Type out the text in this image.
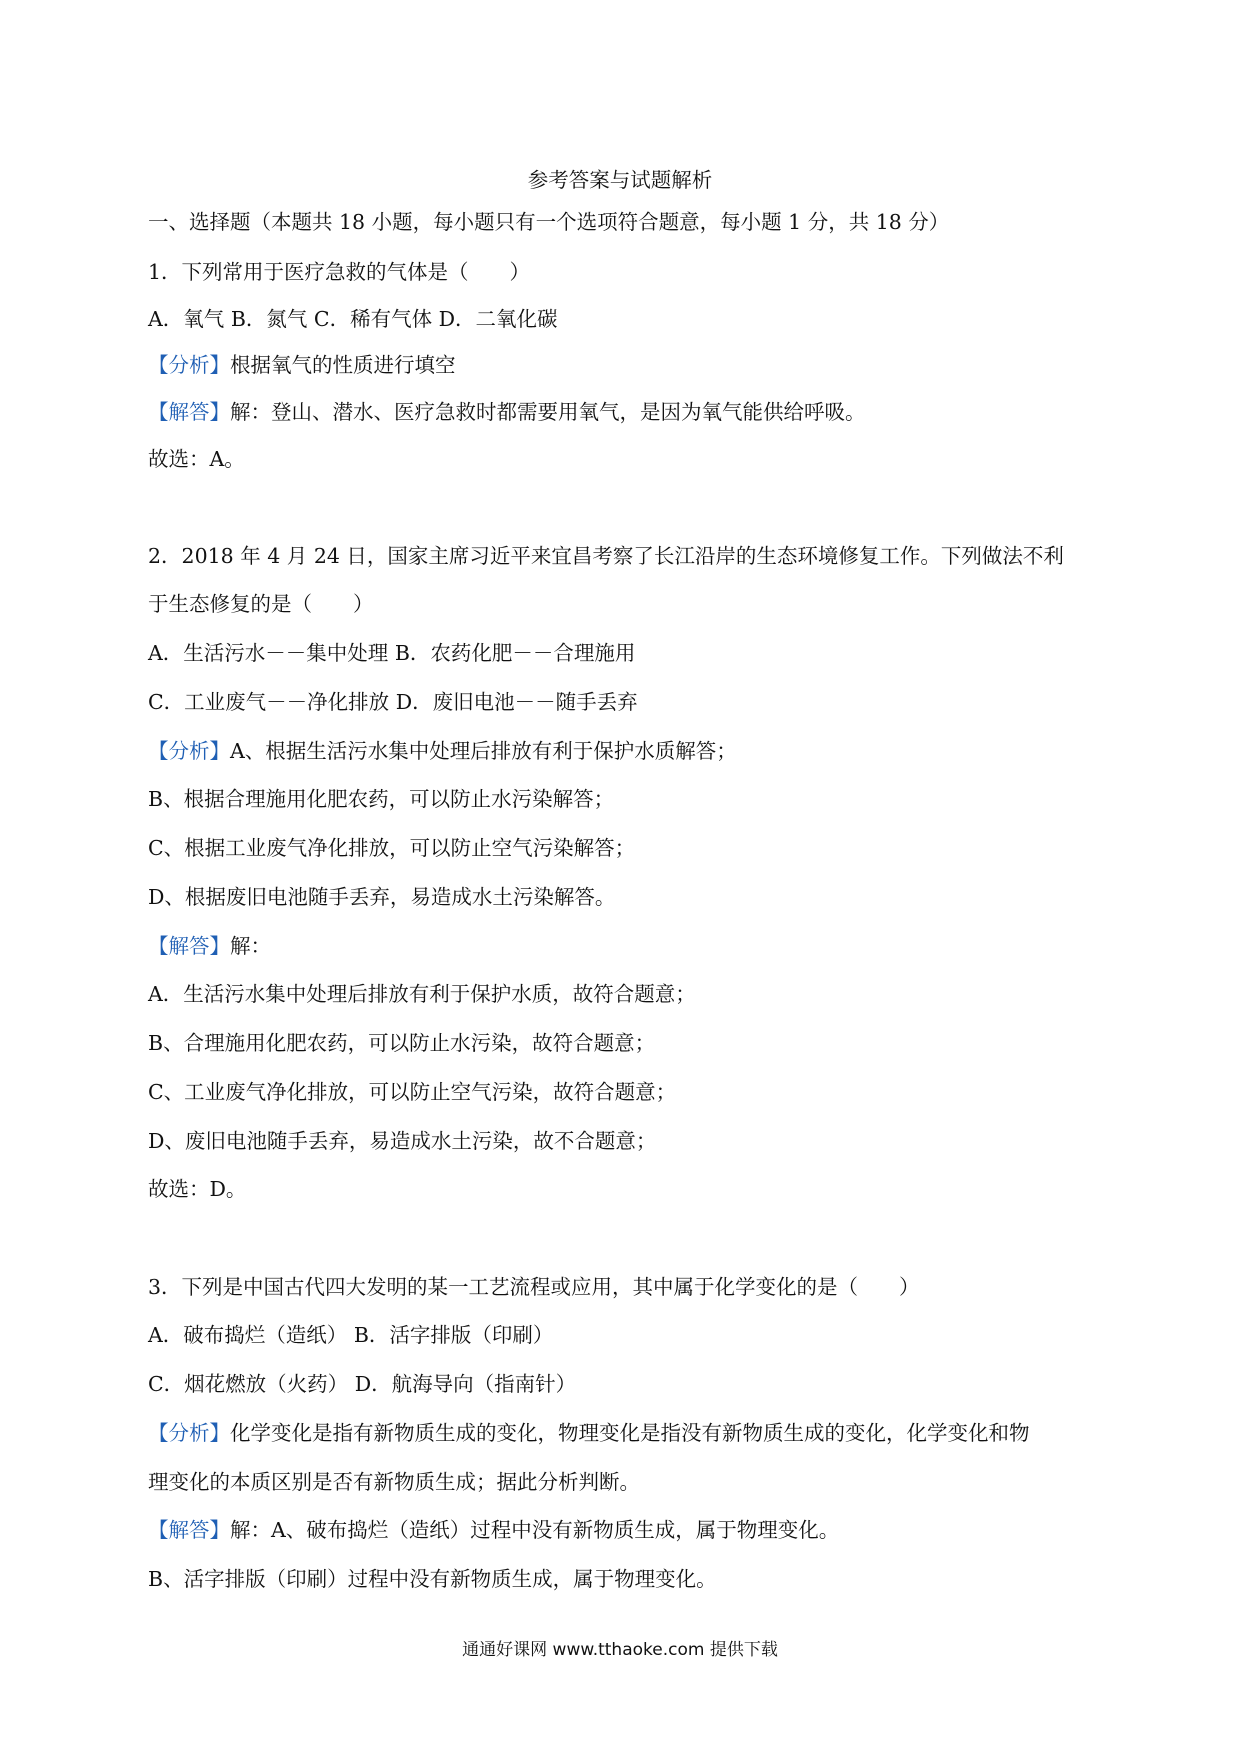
参考答案与试题解析
一、选择题（本题共 18 小题，每小题只有一个选项符合题意，每小题 1 分，共 18 分）
1．下列常用于医疗急救的气体是（　　）
A．氧气 B．氮气 C．稀有气体 D．二氧化碳
【分析】根据氧气的性质进行填空
【解答】解：登山、潜水、医疗急救时都需要用氧气，是因为氧气能供给呼吸。
故选：A。
2．2018 年 4 月 24 日，国家主席习近平来宜昌考察了长江沿岸的生态环境修复工作。下列做法不利
于生态修复的是（　　）
A．生活污水－－集中处理 B．农药化肥－－合理施用
C．工业废气－－净化排放 D．废旧电池－－随手丢弃
【分析】A、根据生活污水集中处理后排放有利于保护水质解答；
B、根据合理施用化肥农药，可以防止水污染解答；
C、根据工业废气净化排放，可以防止空气污染解答；
D、根据废旧电池随手丢弃，易造成水土污染解答。
【解答】解：
A．生活污水集中处理后排放有利于保护水质，故符合题意；
B、合理施用化肥农药，可以防止水污染，故符合题意；
C、工业废气净化排放，可以防止空气污染，故符合题意；
D、废旧电池随手丢弃，易造成水土污染，故不合题意；
故选：D。
3．下列是中国古代四大发明的某一工艺流程或应用，其中属于化学变化的是（　　）
A．破布捣烂（造纸） B．活字排版（印刷）
C．烟花燃放（火药） D．航海导向（指南针）
【分析】化学变化是指有新物质生成的变化，物理变化是指没有新物质生成的变化，化学变化和物
理变化的本质区别是否有新物质生成；据此分析判断。
【解答】解：A、破布捣烂（造纸）过程中没有新物质生成，属于物理变化。
B、活字排版（印刷）过程中没有新物质生成，属于物理变化。
通通好课网 www.tthaoke.com 提供下载
